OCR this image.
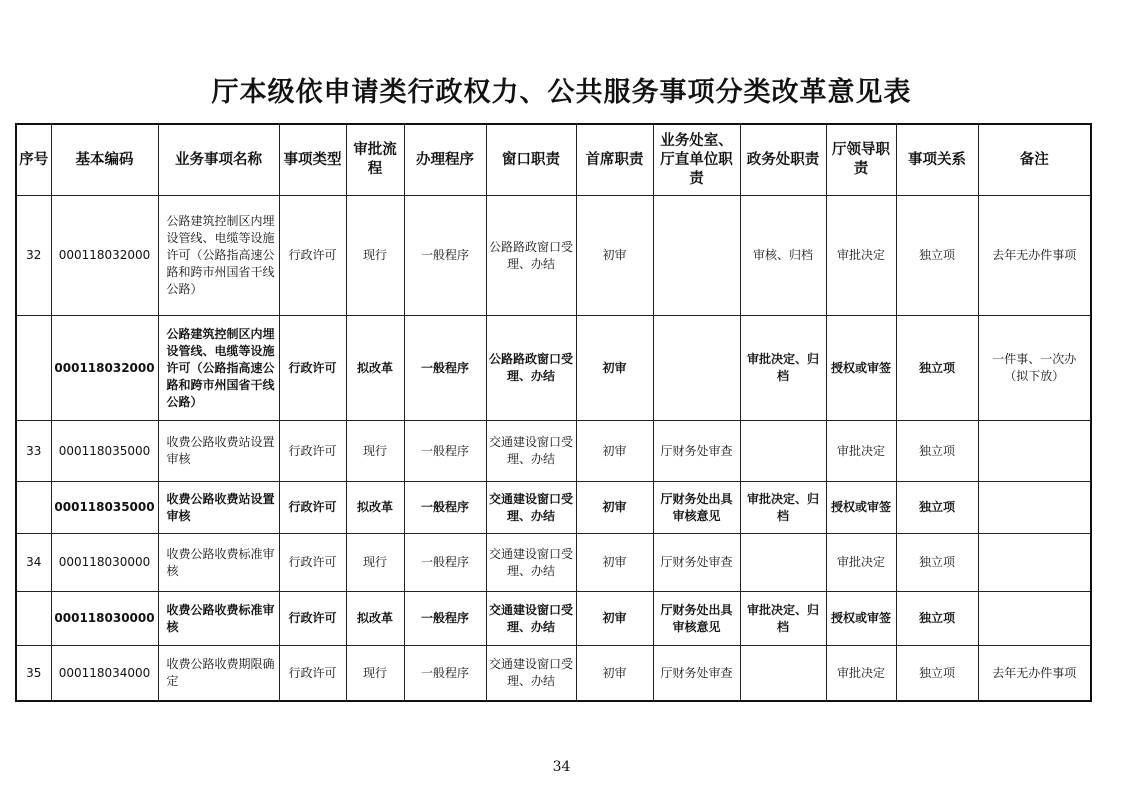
厅本级依申请类行政权力、公共服务事项分类改革意见表
序号	基本编码	业务事项名称	事项类型	审批流程	办理程序	窗口职责	首席职责	业务处室、厅直单位职责	政务处职责	厅领导职责	事项关系	备注
32	000118032000	公路建筑控制区内埋设管线、电缆等设施许可（公路指高速公路和跨市州国省干线公路）	行政许可	现行	一般程序	公路路政窗口受理、办结	初审		审核、归档	审批决定	独立项	去年无办件事项
	000118032000	公路建筑控制区内埋设管线、电缆等设施许可（公路指高速公路和跨市州国省干线公路）	行政许可	拟改革	一般程序	公路路政窗口受理、办结	初审		审批决定、归档	授权或审签	独立项	一件事、一次办（拟下放）
33	000118035000	收费公路收费站设置审核	行政许可	现行	一般程序	交通建设窗口受理、办结	初审	厅财务处审查		审批决定	独立项	
	000118035000	收费公路收费站设置审核	行政许可	拟改革	一般程序	交通建设窗口受理、办结	初审	厅财务处出具审核意见	审批决定、归档	授权或审签	独立项	
34	000118030000	收费公路收费标准审核	行政许可	现行	一般程序	交通建设窗口受理、办结	初审	厅财务处审查		审批决定	独立项	
	000118030000	收费公路收费标准审核	行政许可	拟改革	一般程序	交通建设窗口受理、办结	初审	厅财务处出具审核意见	审批决定、归档	授权或审签	独立项	
35	000118034000	收费公路收费期限确定	行政许可	现行	一般程序	交通建设窗口受理、办结	初审	厅财务处审查		审批决定	独立项	去年无办件事项
34
